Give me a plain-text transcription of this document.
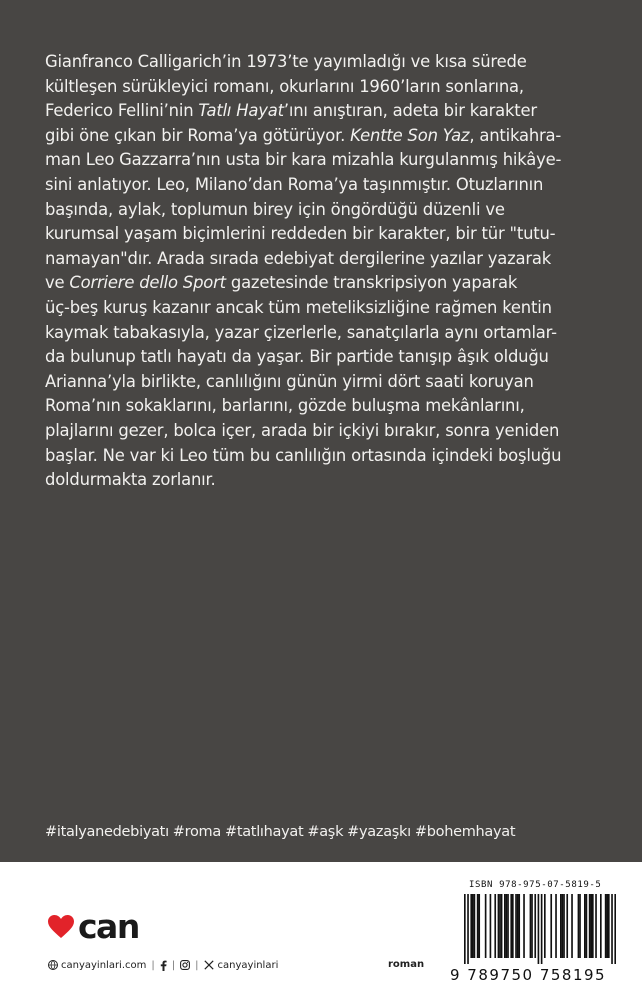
Gianfranco Calligarich’in 1973’te yayımladığı ve kısa sürede
kültleşen sürükleyici romanı, okurlarını 1960’ların sonlarına,
Federico Fellini’nin Tatlı Hayat’ını anıştıran, adeta bir karakter
gibi öne çıkan bir Roma’ya götürüyor. Kentte Son Yaz, antikahra-
man Leo Gazzarra’nın usta bir kara mizahla kurgulanmış hikâye-
sini anlatıyor. Leo, Milano’dan Roma’ya taşınmıştır. Otuzlarının
başında, aylak, toplumun birey için öngördüğü düzenli ve
kurumsal yaşam biçimlerini reddeden bir karakter, bir tür "tutu-
namayan"dır. Arada sırada edebiyat dergilerine yazılar yazarak
ve Corriere dello Sport gazetesinde transkripsiyon yaparak
üç-beş kuruş kazanır ancak tüm meteliksizliğine rağmen kentin
kaymak tabakasıyla, yazar çizerlerle, sanatçılarla aynı ortamlar-
da bulunup tatlı hayatı da yaşar. Bir partide tanışıp âşık olduğu
Arianna’yla birlikte, canlılığını günün yirmi dört saati koruyan
Roma’nın sokaklarını, barlarını, gözde buluşma mekânlarını,
plajlarını gezer, bolca içer, arada bir içkiyi bırakır, sonra yeniden
başlar. Ne var ki Leo tüm bu canlılığın ortasında içindeki boşluğu
doldurmakta zorlanır.
#italyanedebiyatı #roma #tatlıhayat #aşk #yazaşkı #bohemhayat
can
canyayinlari.com | | | canyayinlari	roman
ISBN 978-975-07-5819-5
9 789750 758195
